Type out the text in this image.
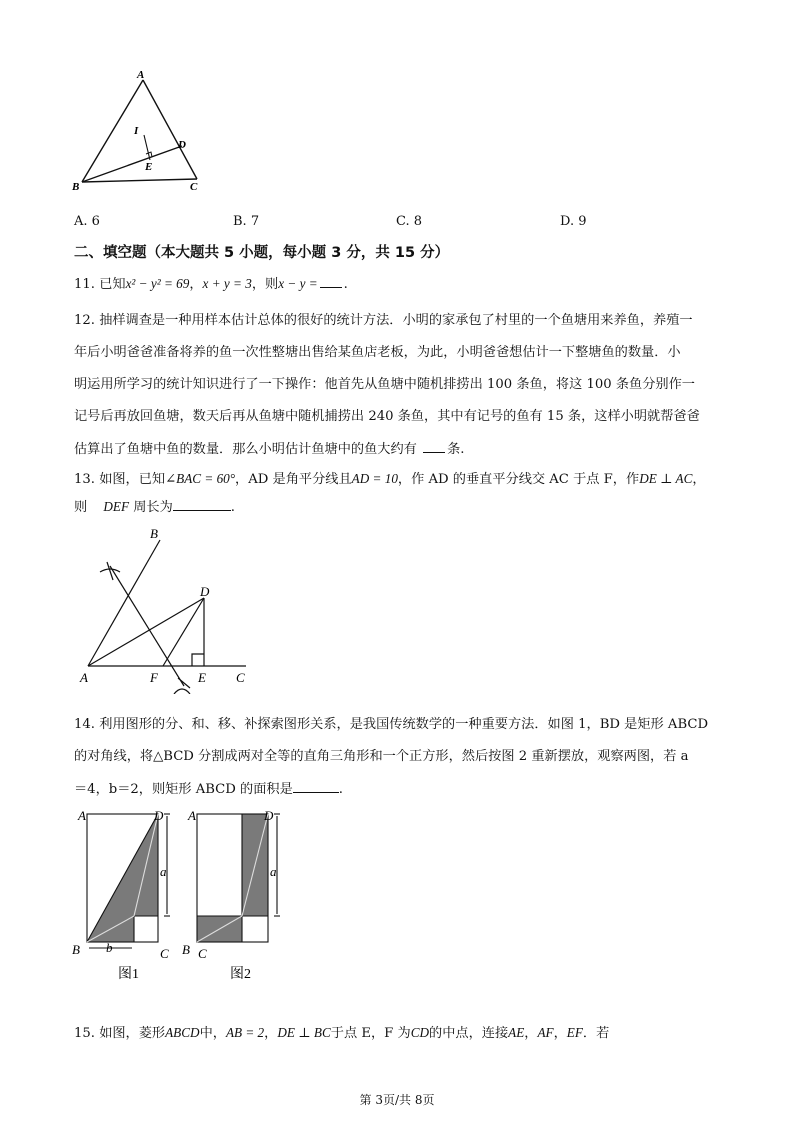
A
B	C
D
E
I
A. 6	B. 7	C. 8	D. 9
二、填空题（本大题共 5 小题，每小题 3 分，共 15 分）
11. 已知x² − y² = 69，x + y = 3，则x − y = .
12. 抽样调查是一种用样本估计总体的很好的统计方法．小明的家承包了村里的一个鱼塘用来养鱼，养殖一
年后小明爸爸准备将养的鱼一次性整塘出售给某鱼店老板，为此，小明爸爸想估计一下整塘鱼的数量．小
明运用所学习的统计知识进行了一下操作：他首先从鱼塘中随机排捞出 100 条鱼，将这 100 条鱼分别作一
记号后再放回鱼塘，数天后再从鱼塘中随机捕捞出 240 条鱼，其中有记号的鱼有 15 条，这样小明就帮爸爸
估算出了鱼塘中鱼的数量．那么小明估计鱼塘中的鱼大约有 条.
13. 如图，已知∠BAC = 60°，AD 是角平分线且AD = 10，作 AD 的垂直平分线交 AC 于点 F，作DE ⊥ AC，
则 DEF 周长为	.
A
B
C
D
E
F
14. 利用图形的分、和、移、补探索图形关系，是我国传统数学的一种重要方法．如图 1，BD 是矩形 ABCD
的对角线，将△BCD 分割成两对全等的直角三角形和一个正方形，然后按图 2 重新摆放，观察两图，若 a
＝4，b＝2，则矩形 ABCD 的面积是	.
A	D
B	C
a
b
图1
A	D
B C
a
图2
15. 如图，菱形ABCD中，AB = 2，DE ⊥ BC于点 E，F 为CD的中点，连接AE，AF，EF．若
第 3页/共 8页
